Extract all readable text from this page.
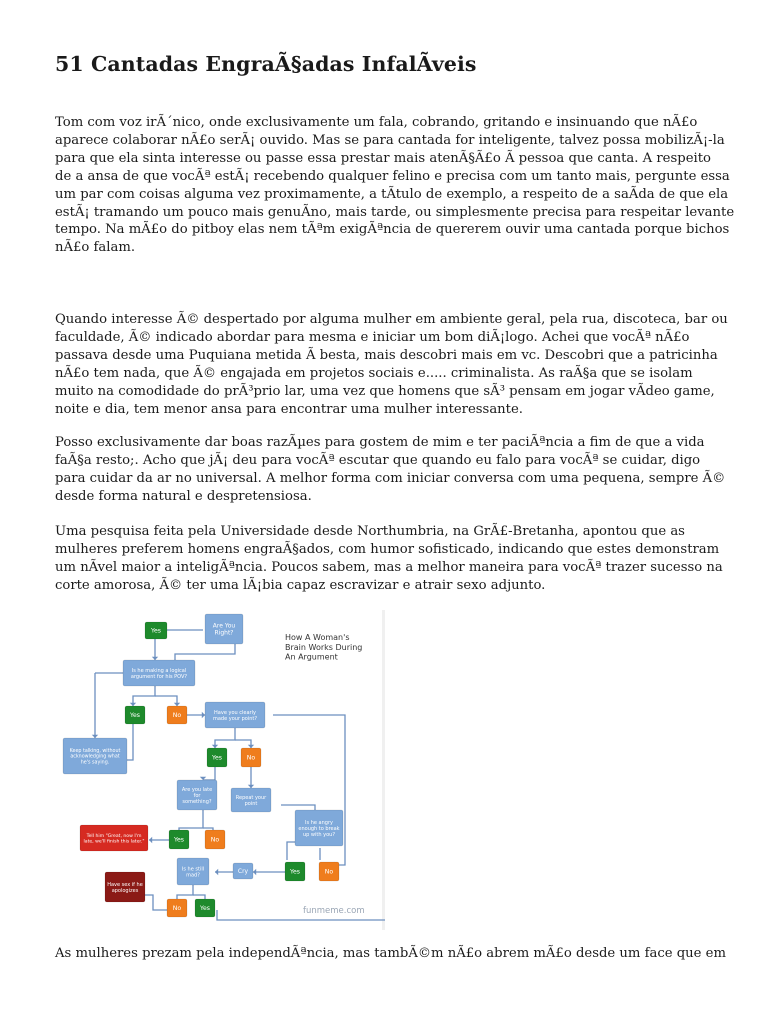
51 Cantadas EngraÃ§adas InfalÃveis

Tom com voz irÃ´nico, onde exclusivamente um fala, cobrando, gritando e insinuando que nÃ£o
aparece colaborar nÃ£o serÃ¡ ouvido. Mas se para cantada for inteligente, talvez possa mobilizÃ¡-la
para que ela sinta interesse ou passe essa prestar mais atenÃ§Ã£o Ã pessoa que canta. A respeito
de a ansa de que vocÃª estÃ¡ recebendo qualquer felino e precisa com um tanto mais, pergunte essa
um par com coisas alguma vez proximamente, a tÃtulo de exemplo, a respeito de a saÃda de que ela
estÃ¡ tramando um pouco mais genuÃno, mais tarde, ou simplesmente precisa para respeitar levante
tempo. Na mÃ£o do pitboy elas nem tÃªm exigÃªncia de quererem ouvir uma cantada porque bichos
nÃ£o falam.

Quando interesse Ã© despertado por alguma mulher em ambiente geral, pela rua, discoteca, bar ou
faculdade, Ã© indicado abordar para mesma e iniciar um bom diÃ¡logo. Achei que vocÃª nÃ£o
passava desde uma Puquiana metida Ã besta, mais descobri mais em vc. Descobri que a patricinha
nÃ£o tem nada, que Ã© engajada em projetos sociais e..... criminalista. As raÃ§a que se isolam
muito na comodidade do prÃ³prio lar, uma vez que homens que sÃ³ pensam em jogar vÃdeo game,
noite e dia, tem menor ansa para encontrar uma mulher interessante.

Posso exclusivamente dar boas razÃµes para gostem de mim e ter paciÃªncia a fim de que a vida
faÃ§a resto;. Acho que jÃ¡ deu para vocÃª escutar que quando eu falo para vocÃª se cuidar, digo
para cuidar da ar no universal. A melhor forma com iniciar conversa com uma pequena, sempre Ã©
desde forma natural e despretensiosa.

Uma pesquisa feita pela Universidade desde Northumbria, na GrÃ£-Bretanha, apontou que as
mulheres preferem homens engraÃ§ados, com humor sofisticado, indicando que estes demonstram
um nÃvel maior a inteligÃªncia. Poucos sabem, mas a melhor maneira para vocÃª trazer sucesso na
corte amorosa, Ã© ter uma lÃ¡bia capaz escravizar e atrair sexo adjunto.

Yes
Are You
Right?
Is he making a logical
argument for his POV?
Yes	No	Have you clearly
made your point?
Keep talking, without
acknowledging what
he's saying.
Yes	No
Are you late
for
something?
Repeat your
point
Is he angry
enough to break
up with you?
Tell him "Great, now I'm
late, we'll finish this later."	Yes	No
Is he still
mad?
Cry	Yes	No
Have sex if he
apologizes
No	Yes
How A Woman's
Brain Works During
An Argument
funmeme.com

As mulheres prezam pela independÃªncia, mas tambÃ©m nÃ£o abrem mÃ£o desde um face que em
